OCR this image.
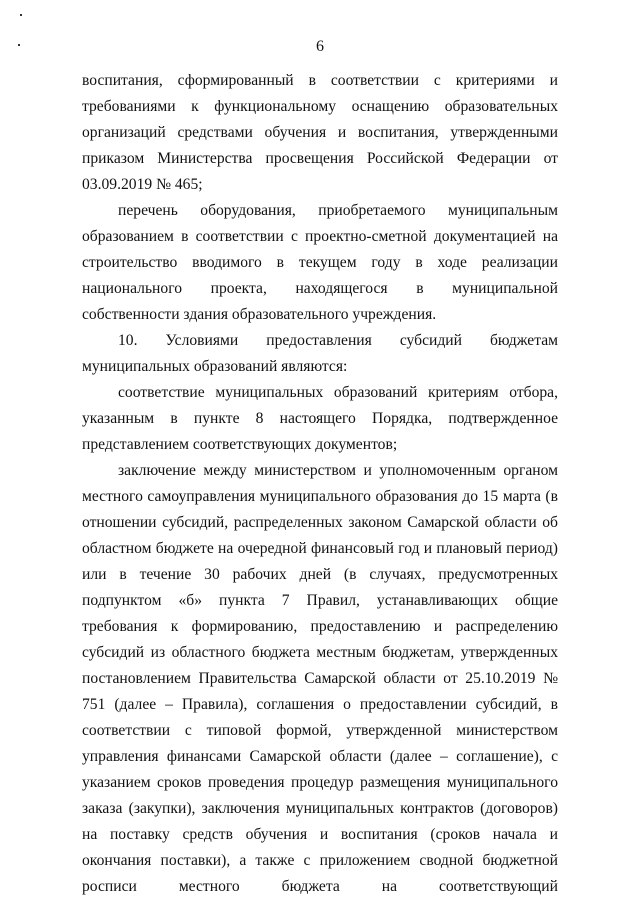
6

воспитания, сформированный в соответствии с критериями и требованиями к функциональному оснащению образовательных организаций средствами обучения и воспитания, утвержденными приказом Министерства просвещения Российской Федерации от 03.09.2019 № 465;

перечень оборудования, приобретаемого муниципальным образованием в соответствии с проектно-сметной документацией на строительство вводимого в текущем году в ходе реализации национального проекта, находящегося в муниципальной собственности здания образовательного учреждения.

10. Условиями предоставления субсидий бюджетам муниципальных образований являются:

соответствие муниципальных образований критериям отбора, указанным в пункте 8 настоящего Порядка, подтвержденное представлением соответствующих документов;

заключение между министерством и уполномоченным органом местного самоуправления муниципального образования до 15 марта (в отношении субсидий, распределенных законом Самарской области об областном бюджете на очередной финансовый год и плановый период) или в течение 30 рабочих дней (в случаях, предусмотренных подпунктом «б» пункта 7 Правил, устанавливающих общие требования к формированию, предоставлению и распределению субсидий из областного бюджета местным бюджетам, утвержденных постановлением Правительства Самарской области от 25.10.2019 № 751 (далее – Правила), соглашения о предоставлении субсидий, в соответствии с типовой формой, утвержденной министерством управления финансами Самарской области (далее – соглашение), с указанием сроков проведения процедур размещения муниципального заказа (закупки), заключения муниципальных контрактов (договоров) на поставку средств обучения и воспитания (сроков начала и окончания поставки), а также с приложением сводной бюджетной росписи местного бюджета на соответствующий
